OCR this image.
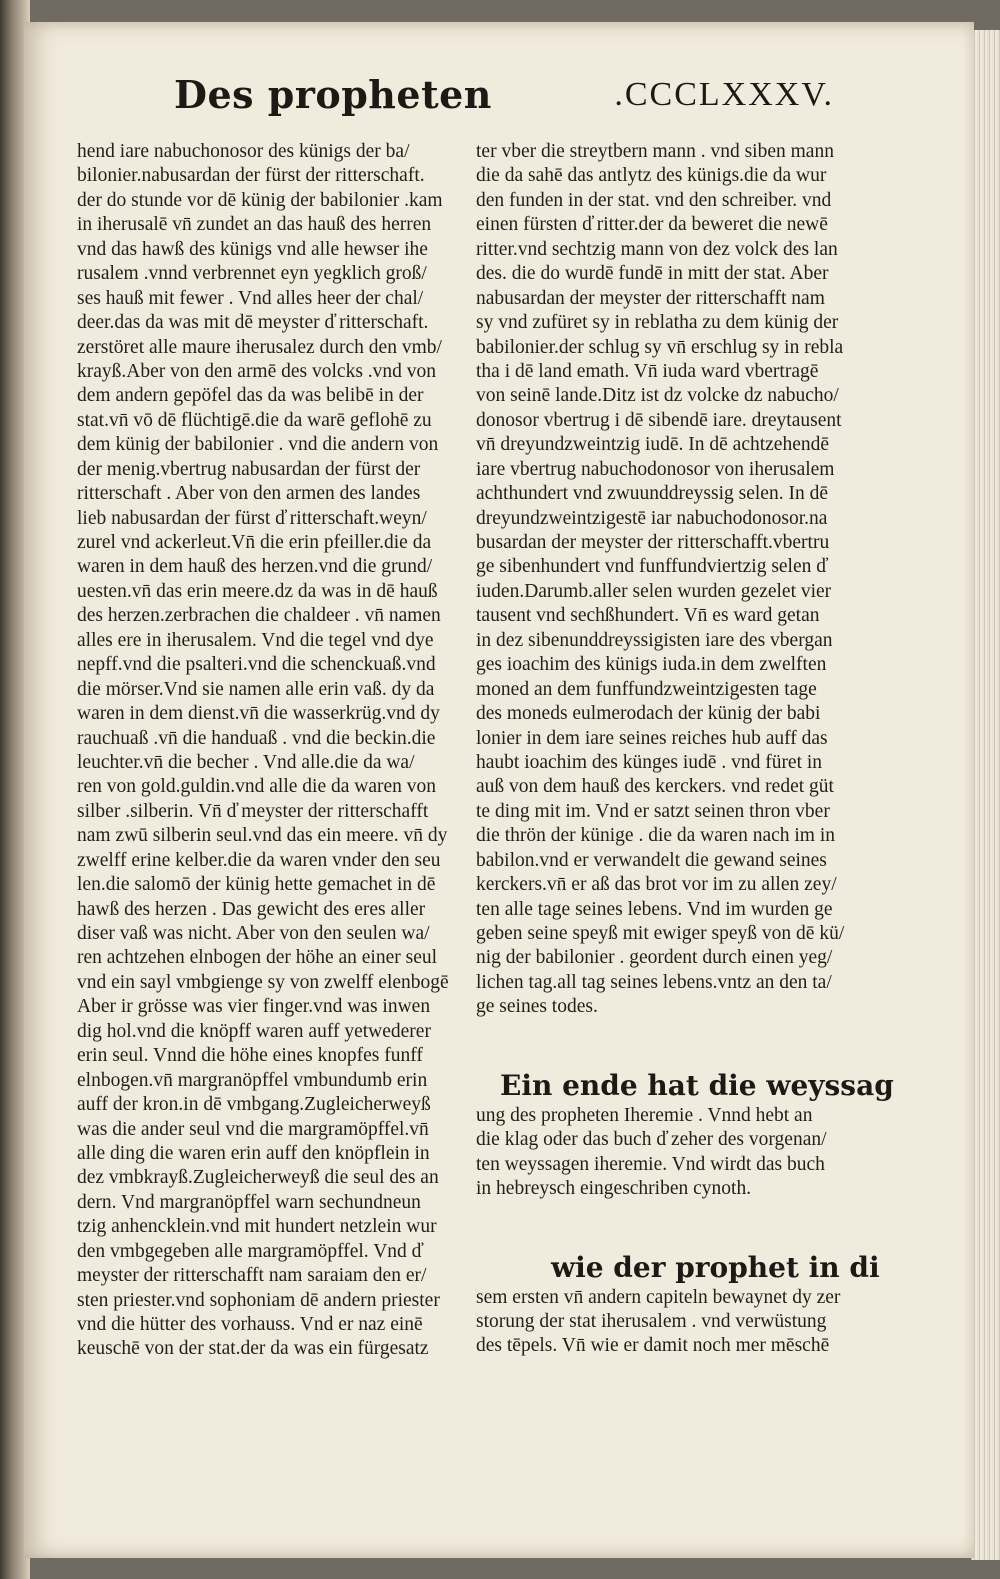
Des propheten	.CCCLXXXV.
hend iare nabuchonosor des künigs der ba/
bilonier.nabusardan der fürst der ritterschaft.
der do stunde vor dē künig der babilonier .kam
in iherusalē vn̄ zundet an das hauß des herren
vnd das hawß des künigs vnd alle hewser ihe
rusalem .vnnd verbrennet eyn yegklich groß/
ses hauß mit fewer . Vnd alles heer der chal/
deer.das da was mit dē meyster d̕ ritterschaft.
zerstöret alle maure iherusalez durch den vmb/
krayß.Aber von den armē des volcks .vnd von
dem andern gepöfel das da was belibē in der
stat.vn̄ vō dē flüchtigē.die da warē geflohē zu
dem künig der babilonier . vnd die andern von
der menig.vbertrug nabusardan der fürst der
ritterschaft . Aber von den armen des landes
lieb nabusardan der fürst d̕ ritterschaft.weyn/
zurel vnd ackerleut.Vn̄ die erin pfeiller.die da
waren in dem hauß des herzen.vnd die grund/
uesten.vn̄ das erin meere.dz da was in dē hauß
des herzen.zerbrachen die chaldeer . vn̄ namen
alles ere in iherusalem. Vnd die tegel vnd dye
nepff.vnd die psalteri.vnd die schenckuaß.vnd
die mörser.Vnd sie namen alle erin vaß. dy da
waren in dem dienst.vn̄ die wasserkrüg.vnd dy
rauchuaß .vn̄ die handuaß . vnd die beckin.die
leuchter.vn̄ die becher . Vnd alle.die da wa/
ren von gold.guldin.vnd alle die da waren von
silber .silberin. Vn̄ d̕ meyster der ritterschafft
nam zwū silberin seul.vnd das ein meere. vn̄ dy
zwelff erine kelber.die da waren vnder den seu
len.die salomō der künig hette gemachet in dē
hawß des herzen . Das gewicht des eres aller
diser vaß was nicht. Aber von den seulen wa/
ren achtzehen elnbogen der höhe an einer seul
vnd ein sayl vmbgienge sy von zwelff elenbogē
Aber ir grösse was vier finger.vnd was inwen
dig hol.vnd die knöpff waren auff yetwederer
erin seul. Vnnd die höhe eines knopfes funff
elnbogen.vn̄ margranöpffel vmbundumb erin
auff der kron.in dē vmbgang.Zugleicherweyß
was die ander seul vnd die margramöpffel.vn̄
alle ding die waren erin auff den knöpflein in
dez vmbkrayß.Zugleicherweyß die seul des an
dern. Vnd margranöpffel warn sechundneun
tzig anhencklein.vnd mit hundert netzlein wur
den vmbgegeben alle margramöpffel. Vnd d̕
meyster der ritterschafft nam saraiam den er/
sten priester.vnd sophoniam dē andern priester
vnd die hütter des vorhauss. Vnd er naz einē
keuschē von der stat.der da was ein fürgesatz
ter vber die streytbern mann . vnd siben mann
die da sahē das antlytz des künigs.die da wur
den funden in der stat. vnd den schreiber. vnd
einen fürsten d̕ ritter.der da beweret die newē
ritter.vnd sechtzig mann von dez volck des lan
des. die do wurdē fundē in mitt der stat. Aber
nabusardan der meyster der ritterschafft nam
sy vnd zufüret sy in reblatha zu dem künig der
babilonier.der schlug sy vn̄ erschlug sy in rebla
tha i dē land emath. Vn̄ iuda ward vbertragē
von seinē lande.Ditz ist dz volcke dz nabucho/
donosor vbertrug i dē sibendē iare. dreytausent
vn̄ dreyundzweintzig iudē. In dē achtzehendē
iare vbertrug nabuchodonosor von iherusalem
achthundert vnd zwuunddreyssig selen. In dē
dreyundzweintzigestē iar nabuchodonosor.na
busardan der meyster der ritterschafft.vbertru
ge sibenhundert vnd funffundviertzig selen d̕
iuden.Darumb.aller selen wurden gezelet vier
tausent vnd sechßhundert. Vn̄ es ward getan
in dez sibenunddreyssigisten iare des vbergan
ges ioachim des künigs iuda.in dem zwelften
moned an dem funffundzweintzigesten tage
des moneds eulmerodach der künig der babi
lonier in dem iare seines reiches hub auff das
haubt ioachim des künges iudē . vnd füret in
auß von dem hauß des kerckers. vnd redet güt
te ding mit im. Vnd er satzt seinen thron vber
die thrön der künige . die da waren nach im in
babilon.vnd er verwandelt die gewand seines
kerckers.vn̄ er aß das brot vor im zu allen zey/
ten alle tage seines lebens. Vnd im wurden ge
geben seine speyß mit ewiger speyß von dē kü/
nig der babilonier . geordent durch einen yeg/
lichen tag.all tag seines lebens.vntz an den ta/
ge seines todes.
Ein ende hat die weyssag
ung des propheten Iheremie . Vnnd hebt an
die klag oder das buch d̕ zeher des vorgenan/
ten weyssagen iheremie. Vnd wirdt das buch
in hebreysch eingeschriben cynoth.
wie der prophet in di
sem ersten vn̄ andern capiteln bewaynet dy zer
storung der stat iherusalem . vnd verwüstung
des tēpels. Vn̄ wie er damit noch mer mēschē
